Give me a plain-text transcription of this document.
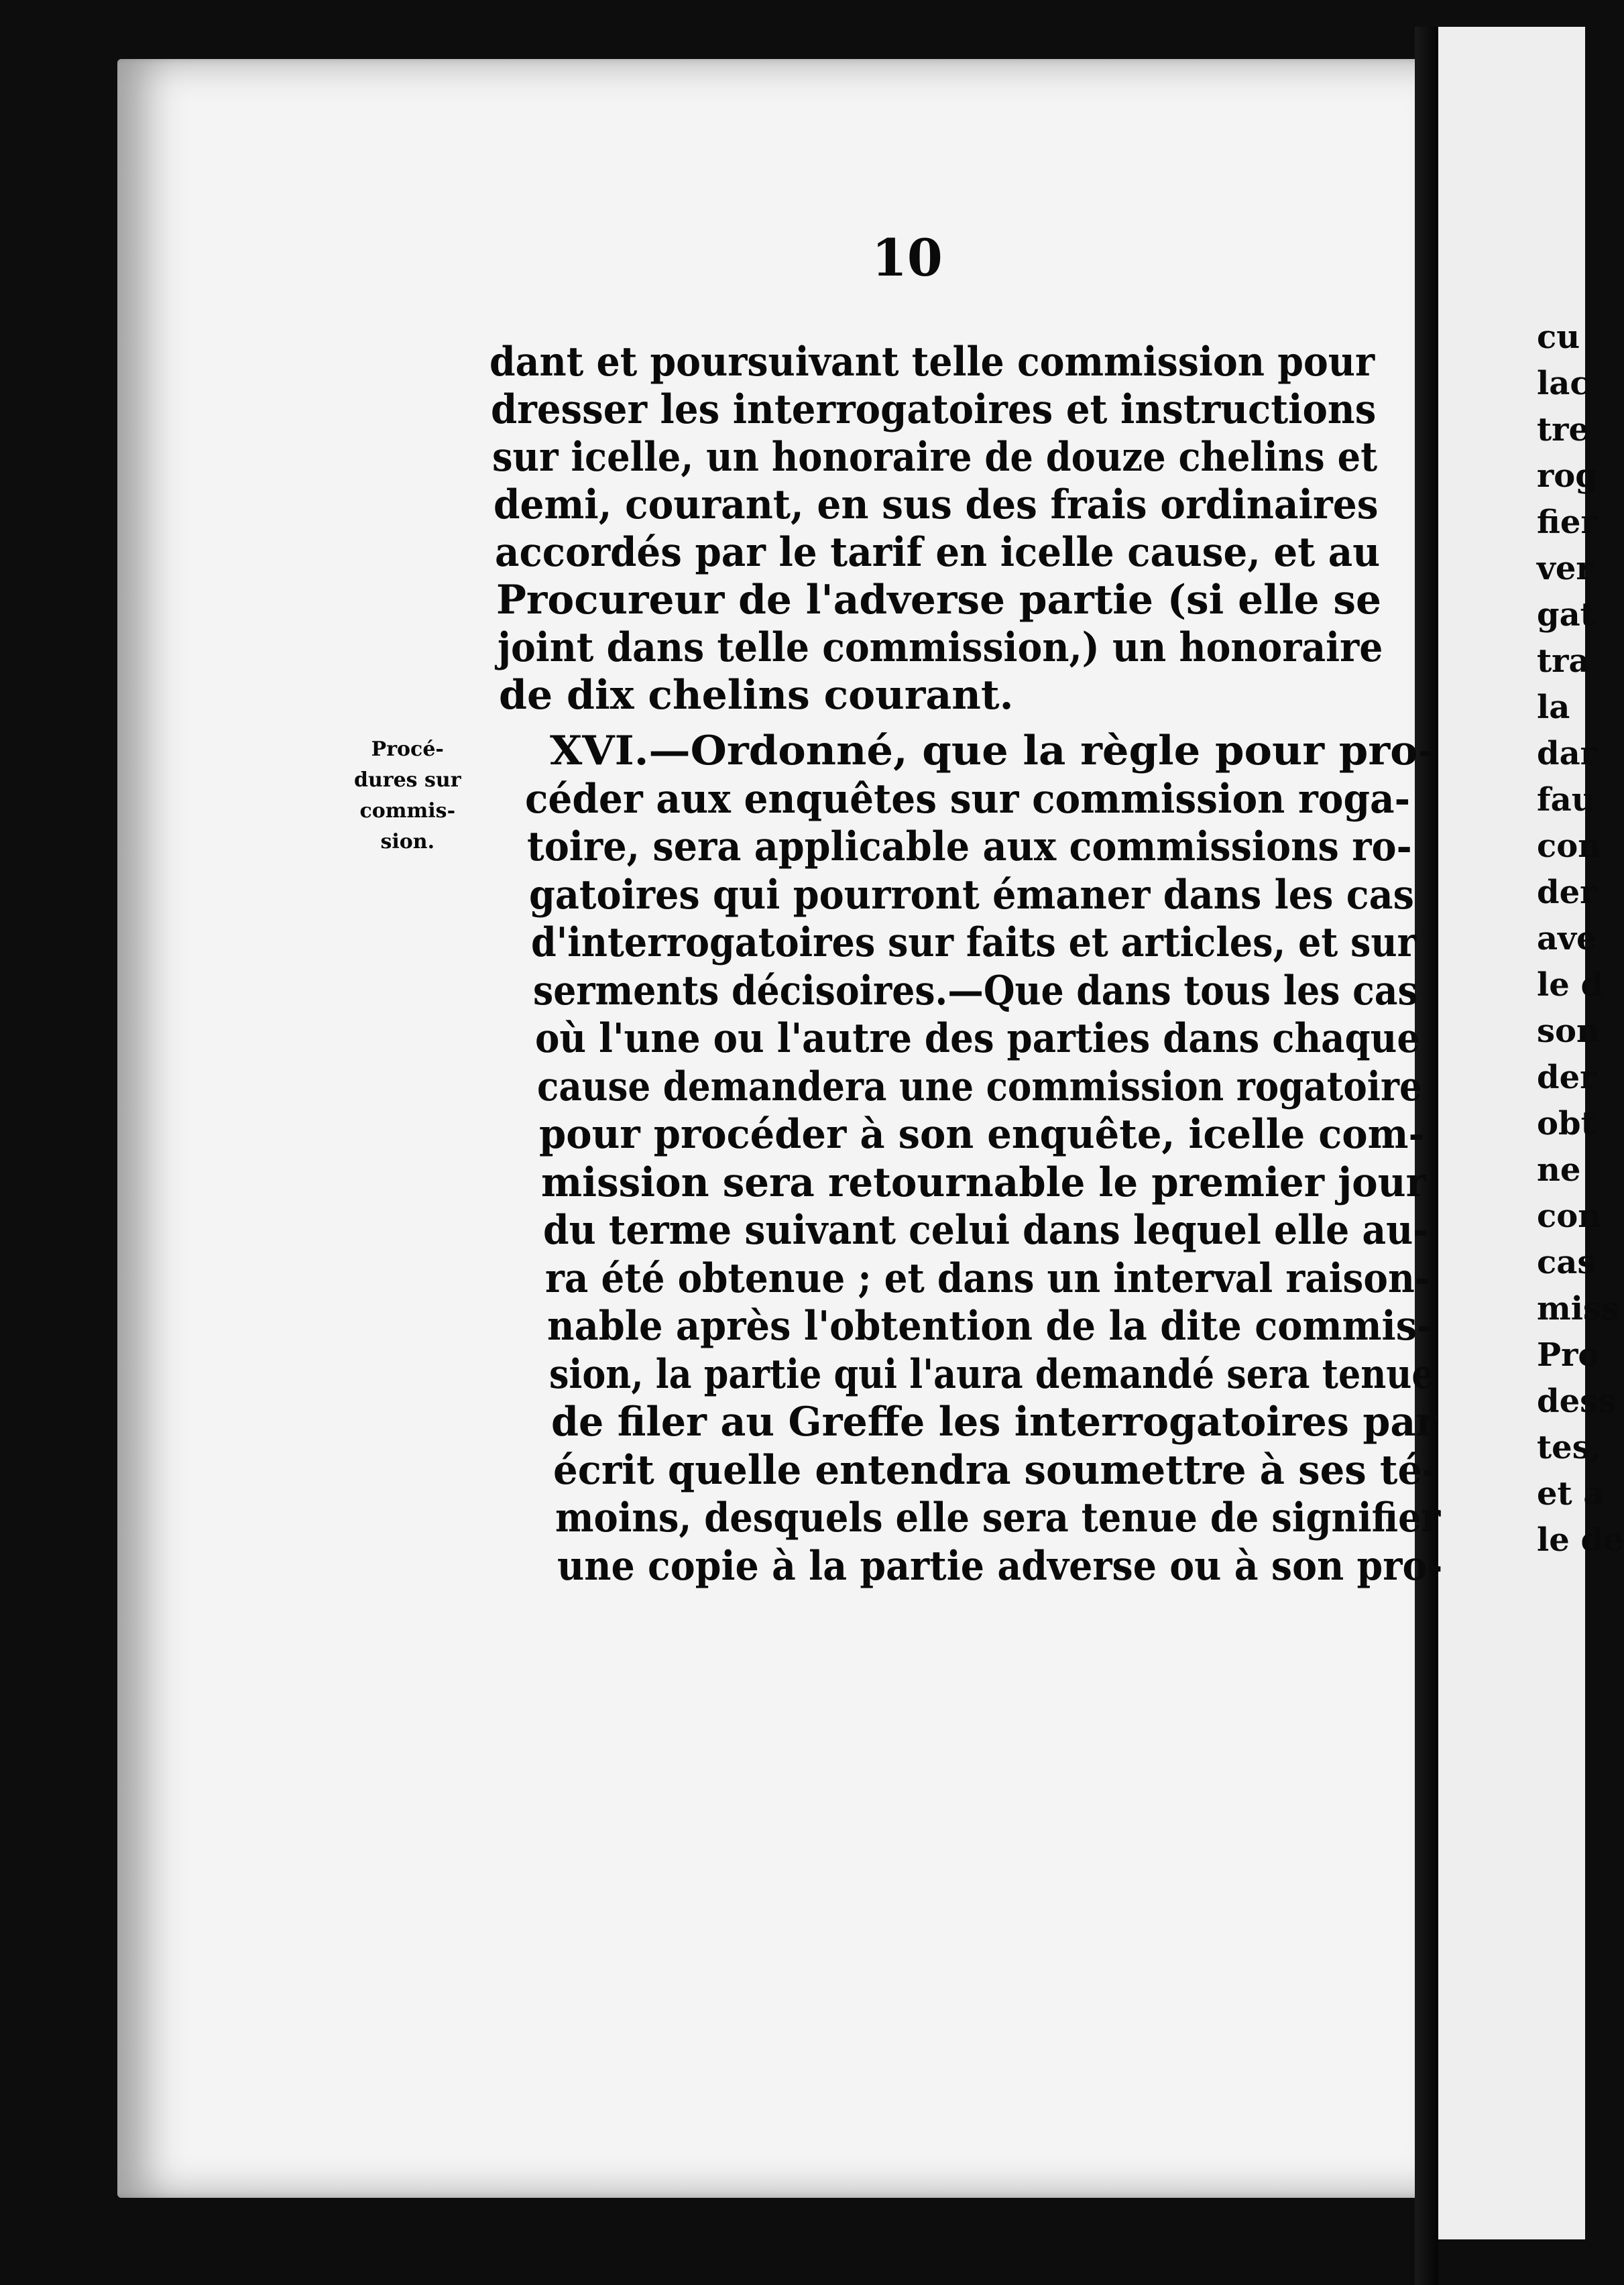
10
dant et poursuivant telle commission pour
dresser les interrogatoires et instructions
sur icelle, un honoraire de douze chelins et
demi, courant, en sus des frais ordinaires
accordés par le tarif en icelle cause, et au
Procureur de l'adverse partie (si elle se
joint dans telle commission,) un honoraire
de dix chelins courant.
XVI.—Ordonné, que la règle pour pro-
céder aux enquêtes sur commission roga-
toire, sera applicable aux commissions ro-
gatoires qui pourront émaner dans les cas
d'interrogatoires sur faits et articles, et sur
serments décisoires.—Que dans tous les cas
où l'une ou l'autre des parties dans chaque
cause demandera une commission rogatoire
pour procéder à son enquête, icelle com-
mission sera retournable le premier jour
du terme suivant celui dans lequel elle au-
ra été obtenue ; et dans un interval raison-
nable après l'obtention de la dite commis-
sion, la partie qui l'aura demandé sera tenue
de filer au Greffe les interrogatoires par
écrit quelle entendra soumettre à ses té-
moins, desquels elle sera tenue de signifier
une copie à la partie adverse ou à son pro-
Procé-
dures sur
commis-
sion.
cu
lac
tre
rog
fier
ver
gat
tra
la
dar
fau
con
der
ave
le d
son
der
obt
ne
con
cas
miss
Pro
dess
tes,
et a
le de
